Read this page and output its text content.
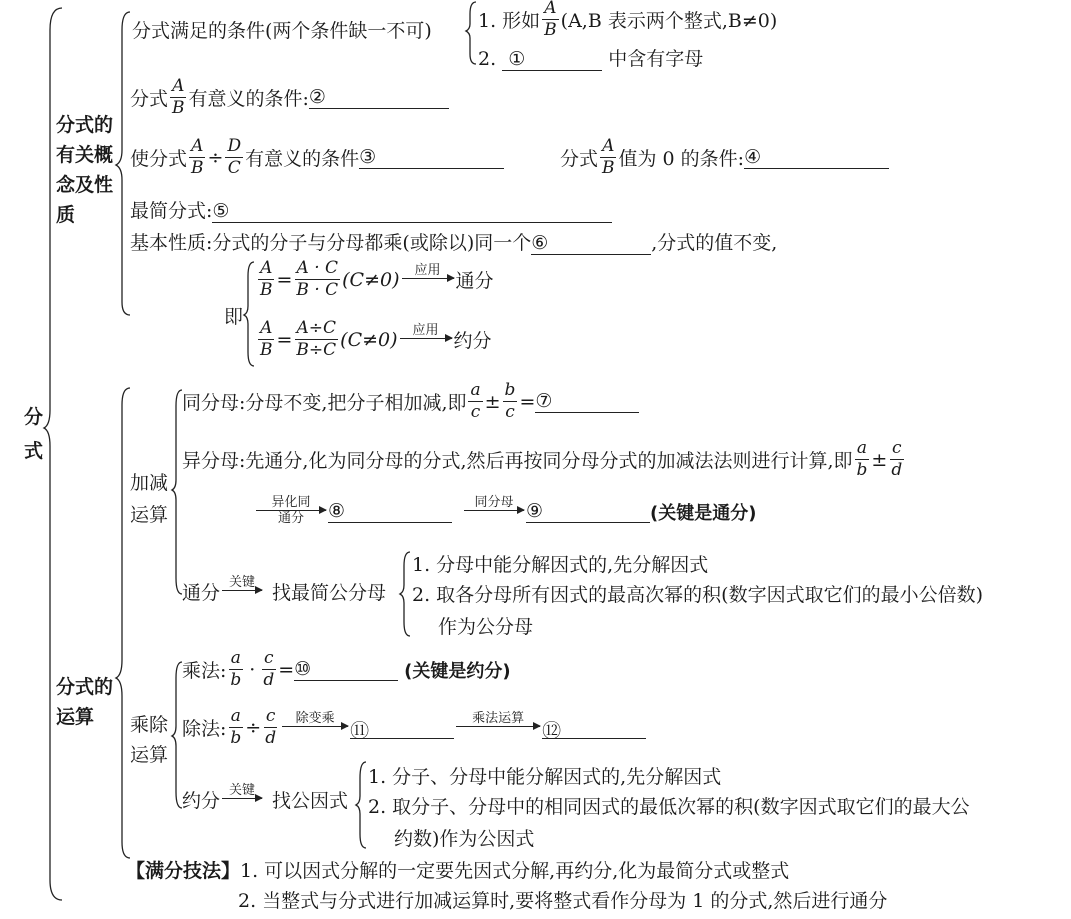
分
式
分式的
有关概
念及性
质
分式满足的条件(两个条件缺一不可) 1. 形如 $\frac{A}{B} (A,B$ 表示两个整式,B≠0)
2. ①	中含有字母
分式 $\frac{A}{B}$ 有意义的条件: ②
使分式 $\frac{A}{B} \div \frac{D}{C}$ 有意义的条件 ③	分式 $\frac{A}{B}$ 值为 0 的条件: ④
最简分式:⑤
基本性质:分式的分子与分母都乘(或除以)同一个⑥	,分式的值不变,
即
$\frac{A}{B} = \frac{A \cdot C}{B \cdot C} (C\ne 0)$ 应用
通分
$\frac{A}{B} = \frac{A\div C}{B\div C} (C\ne 0)$ 应用
约分
分式的
运算
加减
运算
同分母:分母不变,把分子相加减,即 $\frac{a}{c} \pm \frac{b}{c}$ = ⑦
异分母:先通分,化为同分母的分式,然后再按同分母分式的加减法法则进行计算,即 $\frac{a}{b} \pm \frac{c}{d}$
异化同
通分 ⑧	同分母
⑨	(关键是通分)
通分 关键
找最简公分母
1. 分母中能分解因式的,先分解因式
2. 取各分母所有因式的最高次幂的积(数字因式取它们的最小公倍数)
作为公分母
乘除
运算
乘法: $\frac{a}{b} \cdot \frac{c}{d}$ = ⑩	(关键是约分)
除法: $\frac{a}{b} \div \frac{c}{d}$ 除变乘

⑪
乘法运算

⑫
约分 关键
找公因式
1. 分子、分母中能分解因式的,先分解因式
2. 取分子、分母中的相同因式的最低次幂的积(数字因式取它们的最大公
约数)作为公因式
【满分技法】1. 可以因式分解的一定要先因式分解,再约分,化为最简分式或整式
2. 当整式与分式进行加减运算时,要将整式看作分母为 1 的分式,然后进行通分
